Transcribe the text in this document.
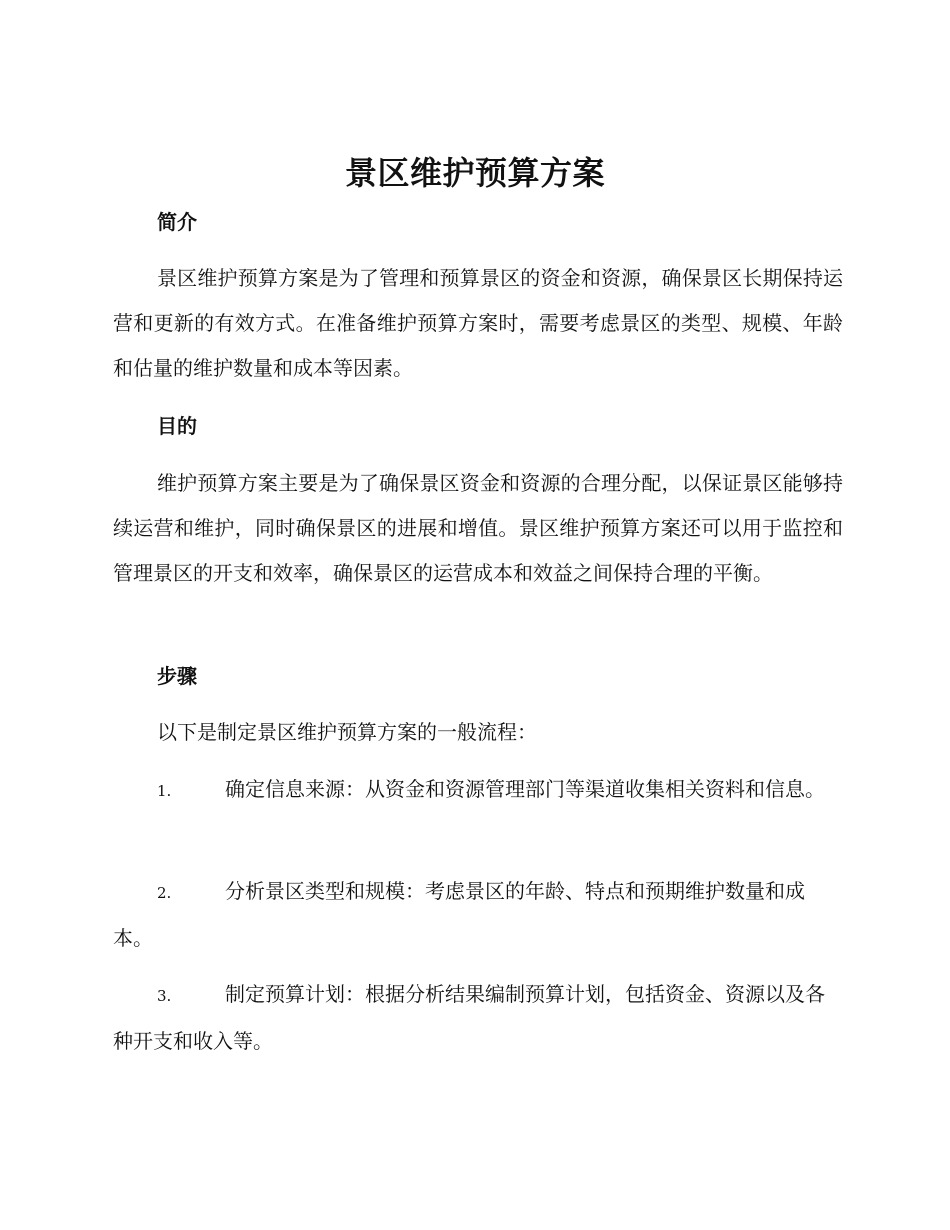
景区维护预算方案
简介

景区维护预算方案是为了管理和预算景区的资金和资源，确保景区长期保持运营和更新的有效方式。在准备维护预算方案时，需要考虑景区的类型、规模、年龄和估量的维护数量和成本等因素。

目的

维护预算方案主要是为了确保景区资金和资源的合理分配，以保证景区能够持续运营和维护，同时确保景区的进展和增值。景区维护预算方案还可以用于监控和管理景区的开支和效率，确保景区的运营成本和效益之间保持合理的平衡。

步骤

以下是制定景区维护预算方案的一般流程：

1.	确定信息来源：从资金和资源管理部门等渠道收集相关资料和信息。

2.	分析景区类型和规模：考虑景区的年龄、特点和预期维护数量和成本。

3.	制定预算计划：根据分析结果编制预算计划，包括资金、资源以及各种开支和收入等。
